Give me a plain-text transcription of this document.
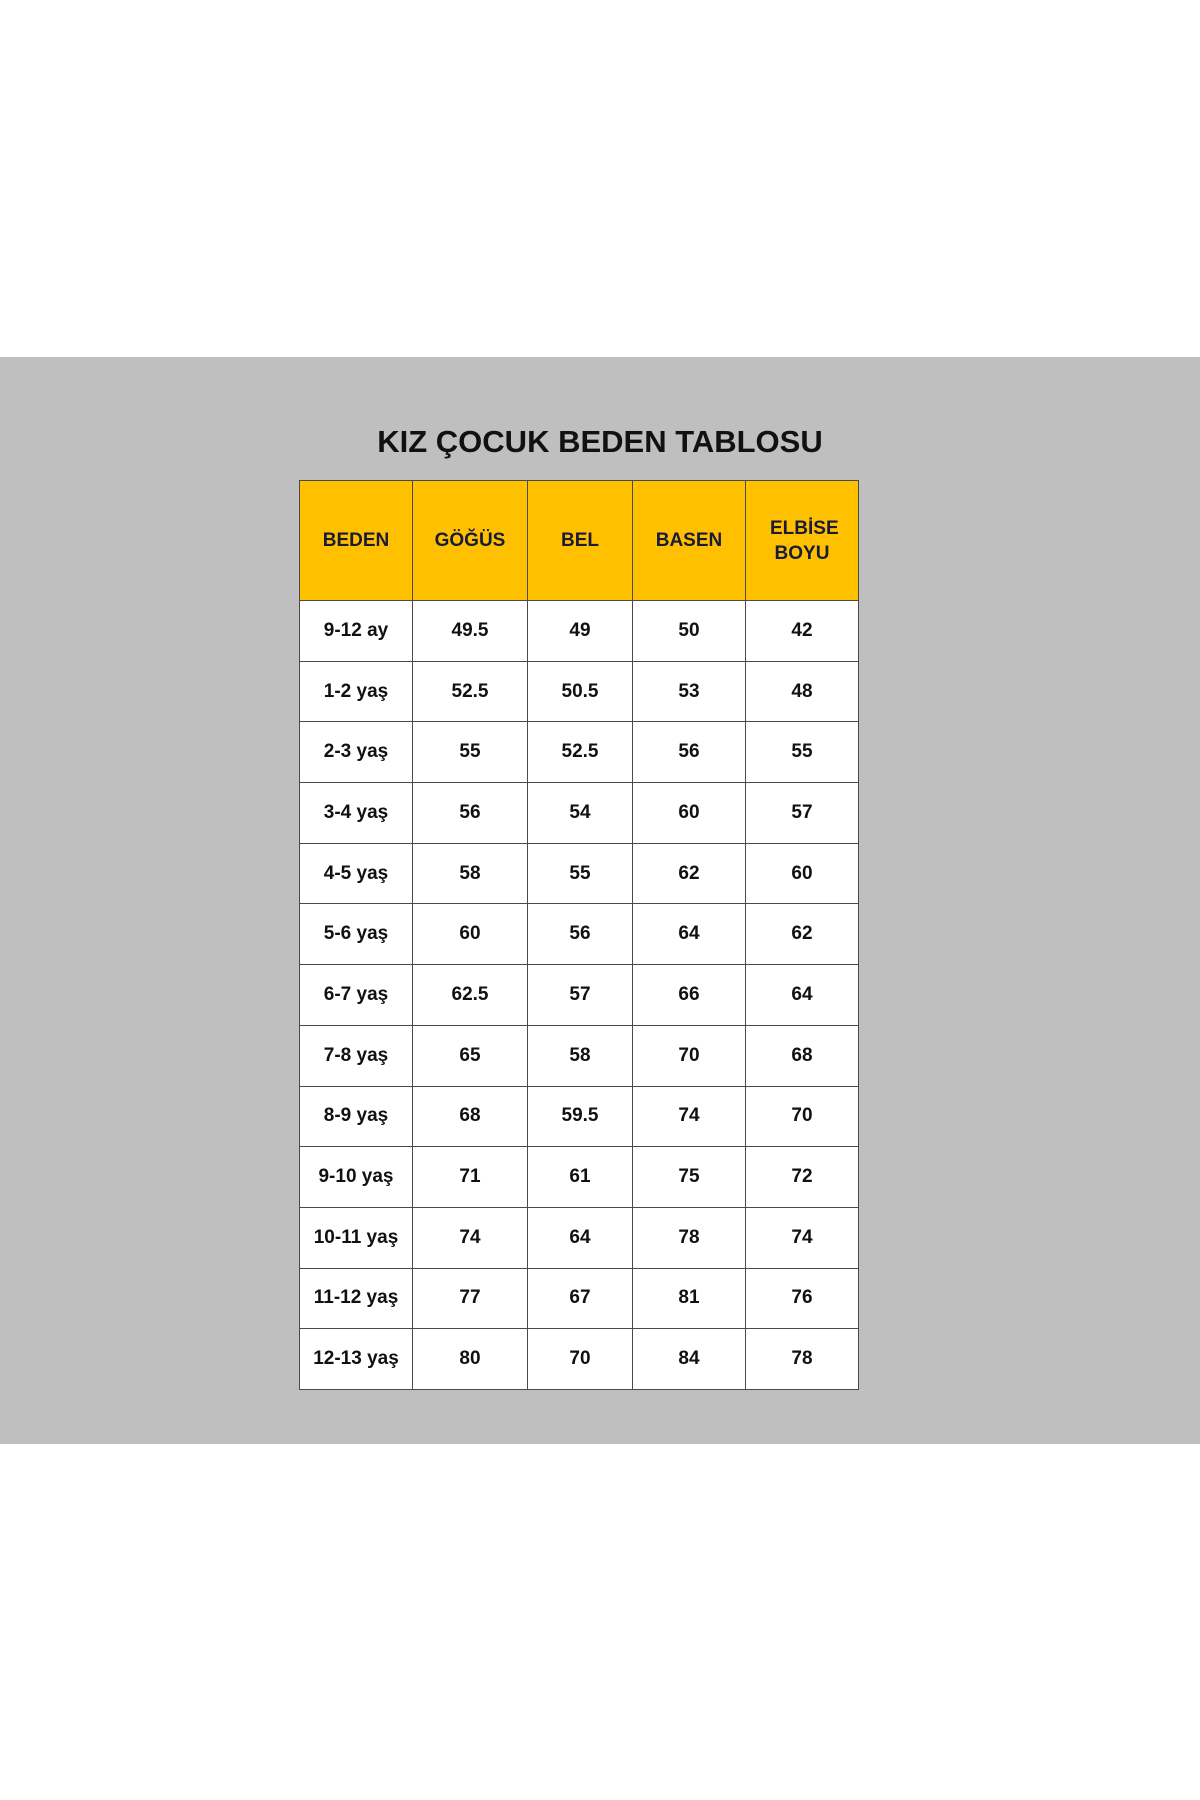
KIZ ÇOCUK BEDEN TABLOSU
BEDEN	GÖĞÜS	BEL	BASEN	ELBİSE BOYU
9-12 ay	49.5	49	50	42
1-2 yaş	52.5	50.5	53	48
2-3 yaş	55	52.5	56	55
3-4 yaş	56	54	60	57
4-5 yaş	58	55	62	60
5-6 yaş	60	56	64	62
6-7 yaş	62.5	57	66	64
7-8 yaş	65	58	70	68
8-9 yaş	68	59.5	74	70
9-10 yaş	71	61	75	72
10-11 yaş	74	64	78	74
11-12 yaş	77	67	81	76
12-13 yaş	80	70	84	78
